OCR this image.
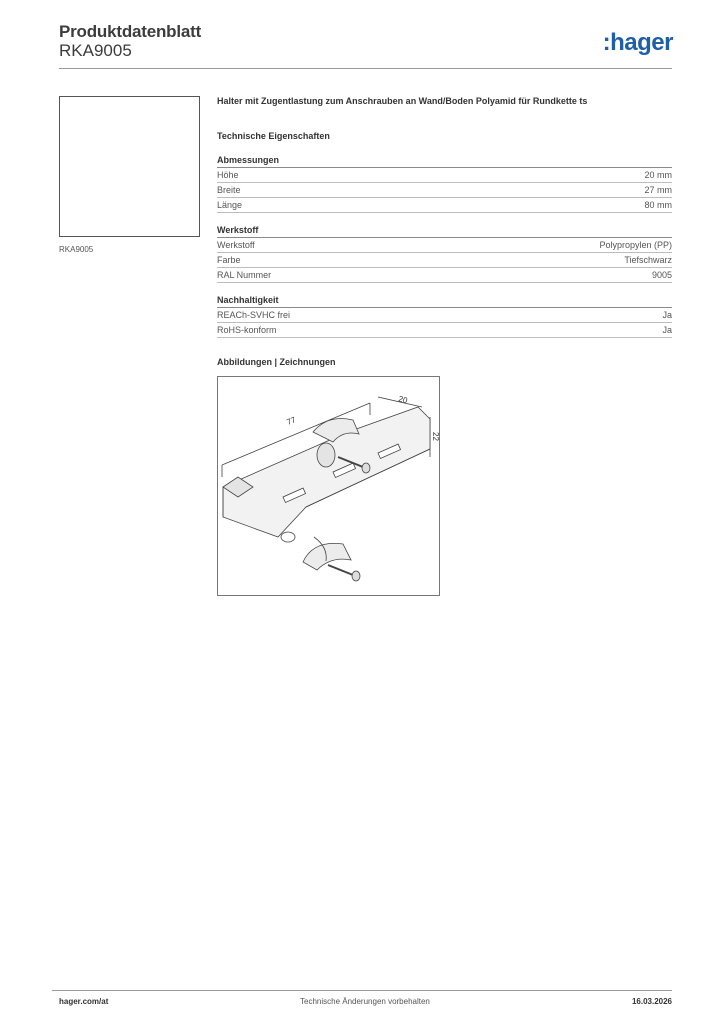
Produktdatenblatt
RKA9005	:hager
RKA9005
Halter mit Zugentlastung zum Anschrauben an Wand/Boden Polyamid für Rundkette ts
Technische Eigenschaften
Abmessungen
Höhe	20 mm
Breite	27 mm
Länge	80 mm
Werkstoff
Werkstoff	Polypropylen (PP)
Farbe	Tiefschwarz
RAL Nummer	9005
Nachhaltigkeit
REACh-SVHC frei	Ja
RoHS-konform	Ja
Abbildungen | Zeichnungen
77
20
22
hager.com/at	Technische Änderungen vorbehalten	16.03.2026
